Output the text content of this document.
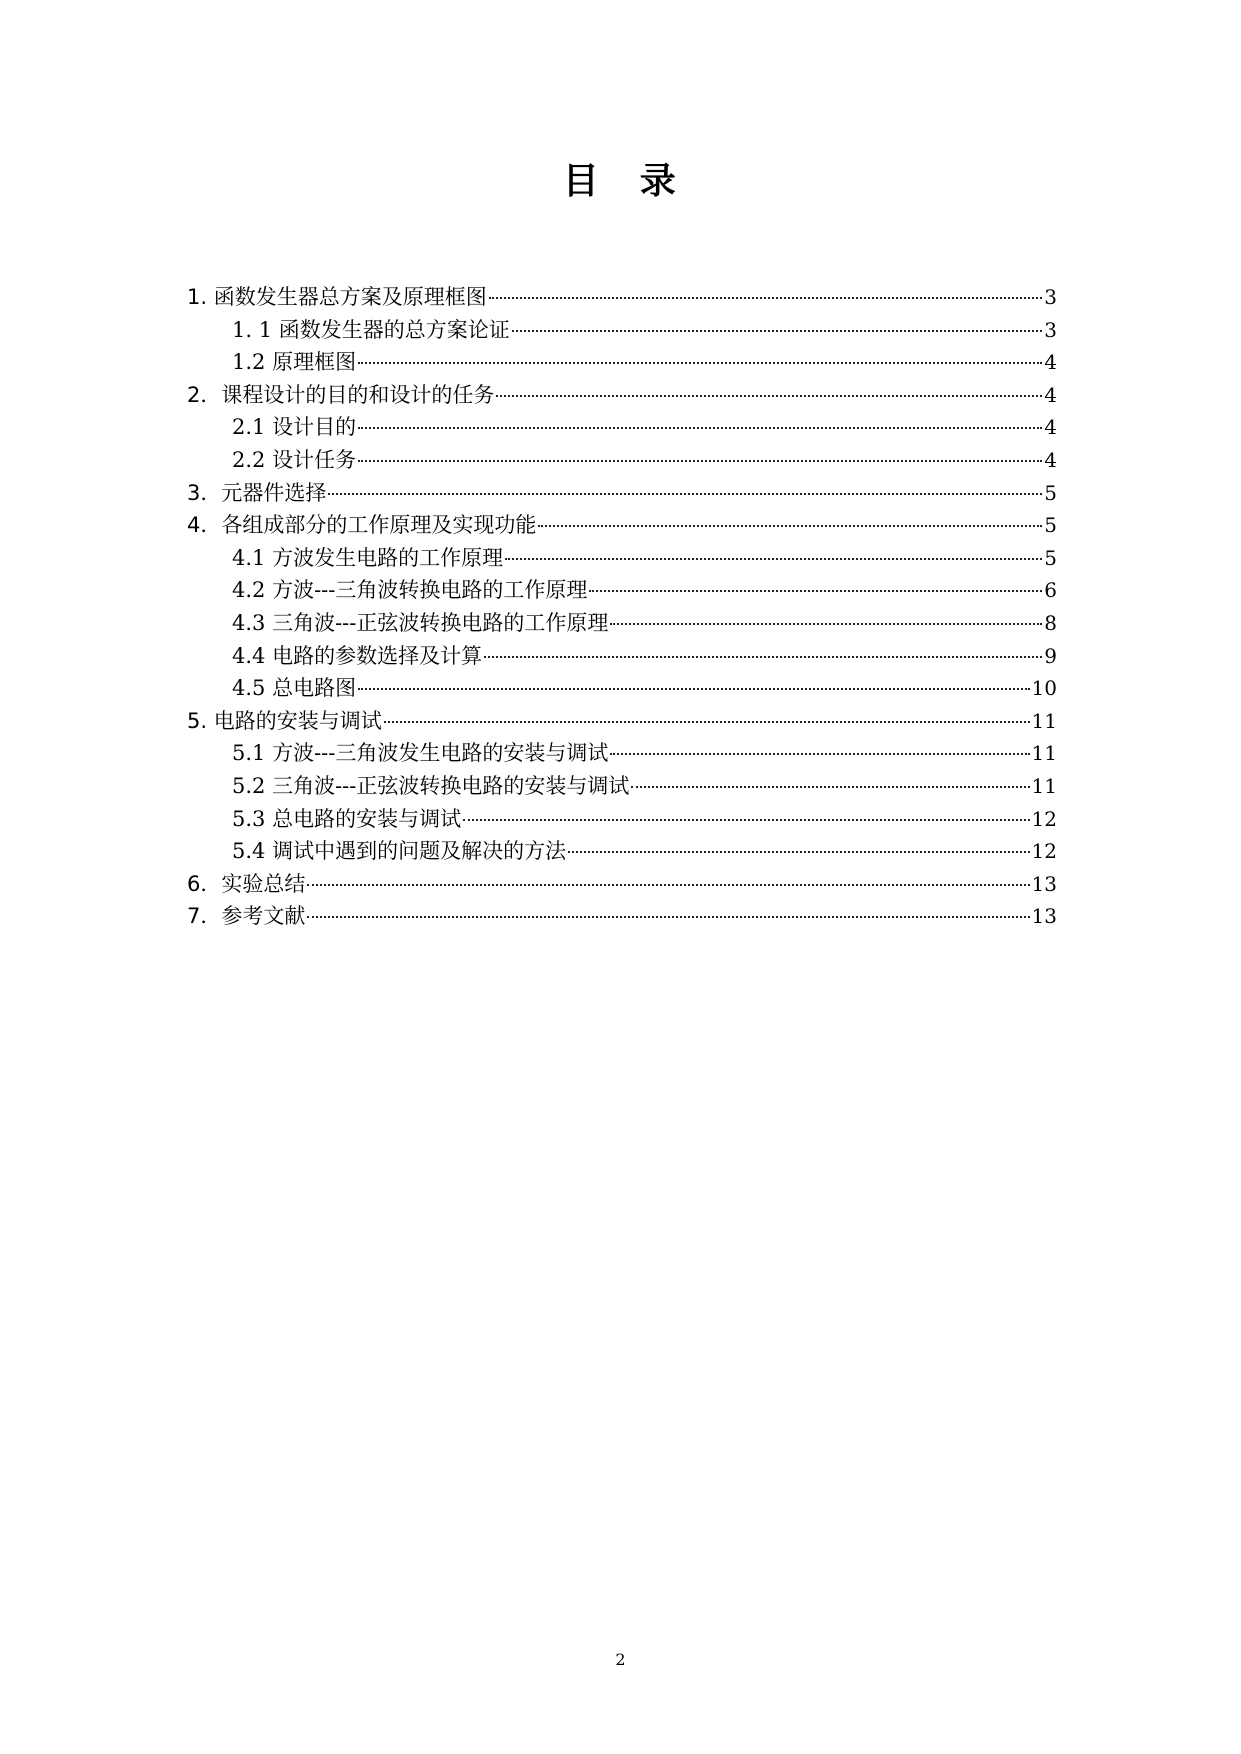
目　录
1. 函数发生器总方案及原理框图	3
1. 1 函数发生器的总方案论证	3
1.2 原理框图	4
2．课程设计的目的和设计的任务	4
2.1 设计目的	4
2.2 设计任务	4
3．元器件选择	5
4．各组成部分的工作原理及实现功能	5
4.1 方波发生电路的工作原理	5
4.2 方波---三角波转换电路的工作原理	6
4.3 三角波---正弦波转换电路的工作原理	8
4.4 电路的参数选择及计算	9
4.5 总电路图	10
5. 电路的安装与调试	11
5.1 方波---三角波发生电路的安装与调试	11
5.2 三角波---正弦波转换电路的安装与调试	11
5.3 总电路的安装与调试	12
5.4 调试中遇到的问题及解决的方法	12
6．实验总结	13
7．参考文献	13
2
